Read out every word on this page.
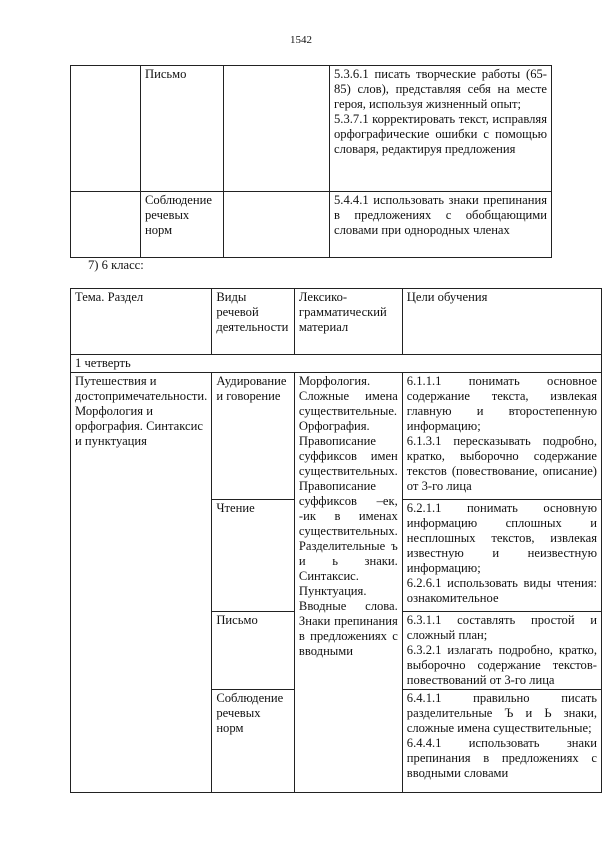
1542
	Письмо		5.3.6.1 писать творческие работы (65-85) слов), представляя себя на месте героя, используя жизненный опыт;
5.3.7.1 корректировать текст, исправляя орфографические ошибки с помощью словаря, редактируя предложения

	Соблюдение речевых норм		5.4.4.1 использовать знаки препинания в предложениях с обобщающими словами при однородных членах
7) 6 класс:
Тема. Раздел	Виды речевой деятельности	Лексико-грамматический материал	Цели обучения
1 четверть			
Путешествия и достопримечательности. Морфология и орфография. Синтаксис и пунктуация	Аудирование и говорение	Морфология. Сложные имена существительные. Орфография. Правописание суффиксов имен существительных. Правописание суффиксов –ек, -ик в именах существительных. Разделительные ъ и ь знаки. Синтаксис. Пунктуация. Вводные слова. Знаки препинания в предложениях с вводными	6.1.1.1 понимать основное содержание текста, извлекая главную и второстепенную информацию;
6.1.3.1 пересказывать подробно, кратко, выборочно содержание текстов (повествование, описание) от 3-го лица

	Чтение		6.2.1.1 понимать основную информацию сплошных и несплошных текстов, извлекая известную и неизвестную информацию;
6.2.6.1 использовать виды чтения: ознакомительное

	Письмо		6.3.1.1 составлять простой и сложный план;
6.3.2.1 излагать подробно, кратко, выборочно содержание текстов-повествований от 3-го лица

	Соблюдение речевых норм		6.4.1.1 правильно писать разделительные Ъ и Ь знаки, сложные имена существительные;
6.4.4.1 использовать знаки препинания в предложениях с вводными словами
